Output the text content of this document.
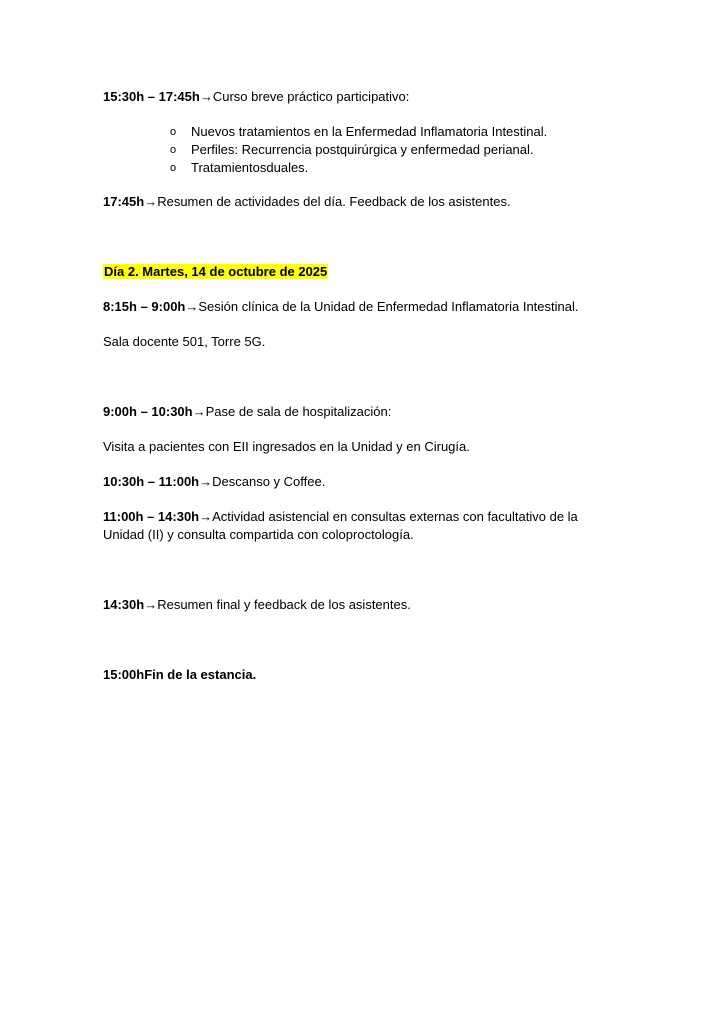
15:30h – 17:45h→Curso breve práctico participativo:
o Nuevos tratamientos en la Enfermedad Inflamatoria Intestinal.
o Perfiles: Recurrencia postquirúrgica y enfermedad perianal.
o Tratamientosduales.
17:45h→Resumen de actividades del día. Feedback de los asistentes.
Día 2. Martes, 14 de octubre de 2025
8:15h – 9:00h→Sesión clínica de la Unidad de Enfermedad Inflamatoria Intestinal.
Sala docente 501, Torre 5G.
9:00h – 10:30h→Pase de sala de hospitalización:
Visita a pacientes con EII ingresados en la Unidad y en Cirugía.
10:30h – 11:00h→Descanso y Coffee.
11:00h – 14:30h→Actividad asistencial en consultas externas con facultativo de la
Unidad (II) y consulta compartida con coloproctología.
14:30h→Resumen final y feedback de los asistentes.
15:00hFin de la estancia.
